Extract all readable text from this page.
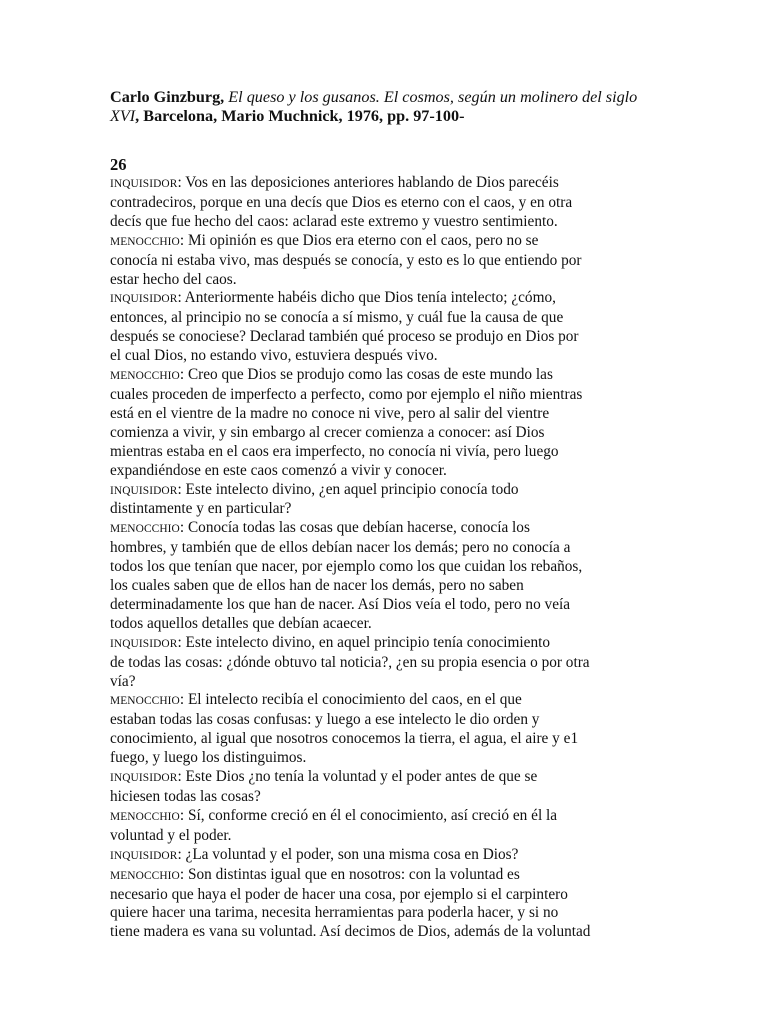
Carlo Ginzburg, El queso y los gusanos. El cosmos, según un molinero del siglo XVI, Barcelona, Mario Muchnick, 1976, pp. 97-100-

26

INQUISIDOR: Vos en las deposiciones anteriores hablando de Dios parecéis
contradeciros, porque en una decís que Dios es eterno con el caos, y en otra
decís que fue hecho del caos: aclarad este extremo y vuestro sentimiento.

MENOCCHIO: Mi opinión es que Dios era eterno con el caos, pero no se
conocía ni estaba vivo, mas después se conocía, y esto es lo que entiendo por
estar hecho del caos.

INQUISIDOR: Anteriormente habéis dicho que Dios tenía intelecto; ¿cómo,
entonces, al principio no se conocía a sí mismo, y cuál fue la causa de que
después se conociese? Declarad también qué proceso se produjo en Dios por
el cual Dios, no estando vivo, estuviera después vivo.

MENOCCHIO: Creo que Dios se produjo como las cosas de este mundo las
cuales proceden de imperfecto a perfecto, como por ejemplo el niño mientras
está en el vientre de la madre no conoce ni vive, pero al salir del vientre
comienza a vivir, y sin embargo al crecer comienza a conocer: así Dios
mientras estaba en el caos era imperfecto, no conocía ni vivía, pero luego
expandiéndose en este caos comenzó a vivir y conocer.

INQUISIDOR: Este intelecto divino, ¿en aquel principio conocía todo
distintamente y en particular?

MENOCCHIO: Conocía todas las cosas que debían hacerse, conocía los
hombres, y también que de ellos debían nacer los demás; pero no conocía a
todos los que tenían que nacer, por ejemplo como los que cuidan los rebaños,
los cuales saben que de ellos han de nacer los demás, pero no saben
determinadamente los que han de nacer. Así Dios veía el todo, pero no veía
todos aquellos detalles que debían acaecer.

INQUISIDOR: Este intelecto divino, en aquel principio tenía conocimiento
de todas las cosas: ¿dónde obtuvo tal noticia?, ¿en su propia esencia o por otra
vía?

MENOCCHIO: El intelecto recibía el conocimiento del caos, en el que
estaban todas las cosas confusas: y luego a ese intelecto le dio orden y
conocimiento, al igual que nosotros conocemos la tierra, el agua, el aire y e1
fuego, y luego los distinguimos.

INQUISIDOR: Este Dios ¿no tenía la voluntad y el poder antes de que se
hiciesen todas las cosas?

MENOCCHIO: Sí, conforme creció en él el conocimiento, así creció en él la
voluntad y el poder.

INQUISIDOR: ¿La voluntad y el poder, son una misma cosa en Dios?

MENOCCHIO: Son distintas igual que en nosotros: con la voluntad es
necesario que haya el poder de hacer una cosa, por ejemplo si el carpintero
quiere hacer una tarima, necesita herramientas para poderla hacer, y si no
tiene madera es vana su voluntad. Así decimos de Dios, además de la voluntad
